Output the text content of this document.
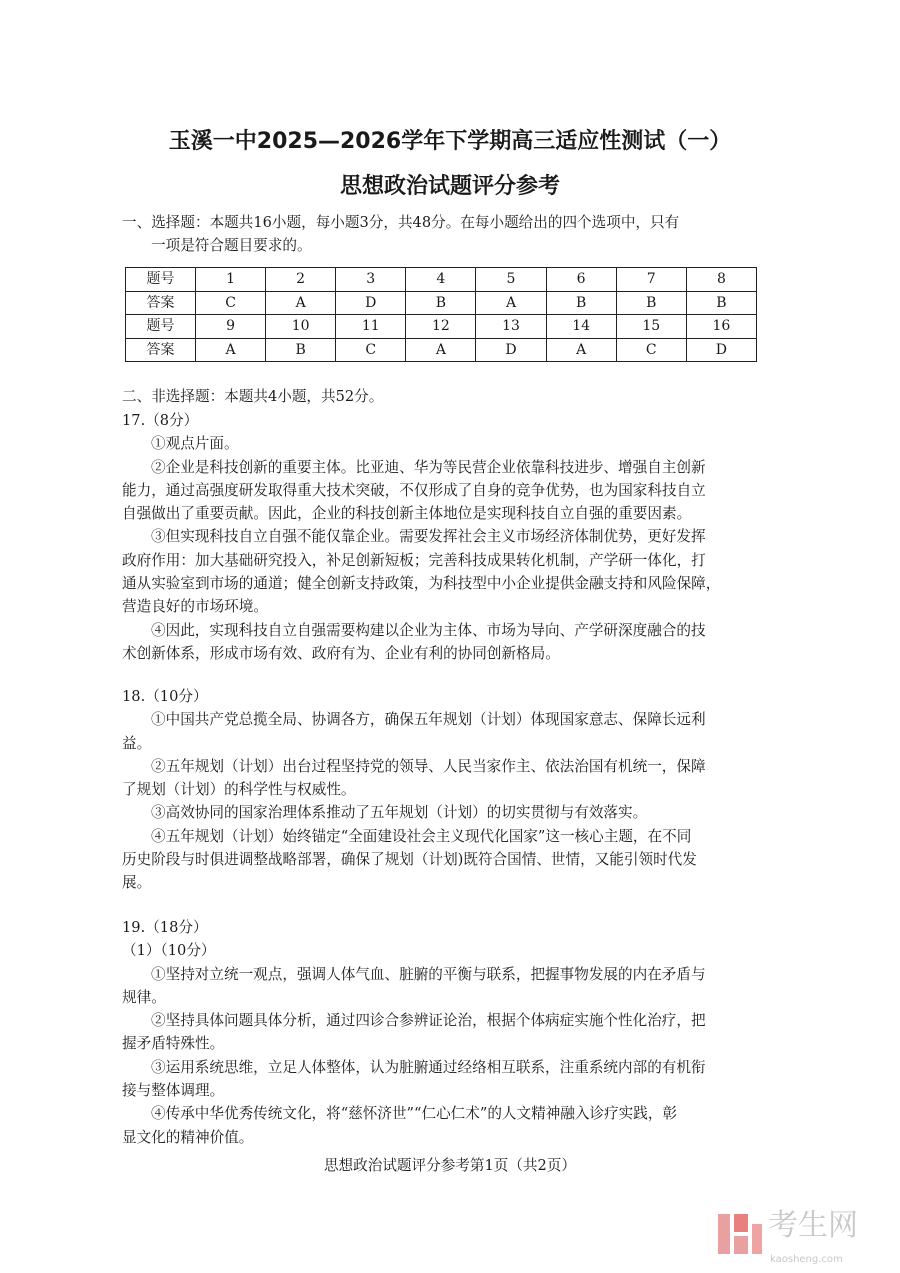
玉溪一中2025—2026学年下学期高三适应性测试（一）
思想政治试题评分参考
一、选择题：本题共16小题，每小题3分，共48分。在每小题给出的四个选项中，只有
一项是符合题目要求的。
题号	1	2	3	4	5	6	7	8
答案	C	A	D	B	A	B	B	B
题号	9	10	11	12	13	14	15	16
答案	A	B	C	A	D	A	C	D
二、非选择题：本题共4小题，共52分。
17.（8分）
①观点片面。
②企业是科技创新的重要主体。比亚迪、华为等民营企业依靠科技进步、增强自主创新
能力，通过高强度研发取得重大技术突破，不仅形成了自身的竞争优势，也为国家科技自立
自强做出了重要贡献。因此，企业的科技创新主体地位是实现科技自立自强的重要因素。
③但实现科技自立自强不能仅靠企业。需要发挥社会主义市场经济体制优势，更好发挥
政府作用：加大基础研究投入，补足创新短板；完善科技成果转化机制，产学研一体化，打
通从实验室到市场的通道；健全创新支持政策，为科技型中小企业提供金融支持和风险保障，
营造良好的市场环境。
④因此，实现科技自立自强需要构建以企业为主体、市场为导向、产学研深度融合的技
术创新体系，形成市场有效、政府有为、企业有利的协同创新格局。
18.（10分）
①中国共产党总揽全局、协调各方，确保五年规划（计划）体现国家意志、保障长远利
益。
②五年规划（计划）出台过程坚持党的领导、人民当家作主、依法治国有机统一，保障
了规划（计划）的科学性与权威性。
③高效协同的国家治理体系推动了五年规划（计划）的切实贯彻与有效落实。
④五年规划（计划）始终锚定“全面建设社会主义现代化国家”这一核心主题，在不同
历史阶段与时俱进调整战略部署，确保了规划（计划)既符合国情、世情，又能引领时代发
展。
19.（18分）
（1）（10分）
①坚持对立统一观点，强调人体气血、脏腑的平衡与联系，把握事物发展的内在矛盾与
规律。
②坚持具体问题具体分析，通过四诊合参辨证论治，根据个体病症实施个性化治疗，把
握矛盾特殊性。
③运用系统思维，立足人体整体，认为脏腑通过经络相互联系，注重系统内部的有机衔
接与整体调理。
④传承中华优秀传统文化，将“慈怀济世”“仁心仁术”的人文精神融入诊疗实践，彰
显文化的精神价值。
思想政治试题评分参考第1页（共2页）
考生网
kaosheng.com
